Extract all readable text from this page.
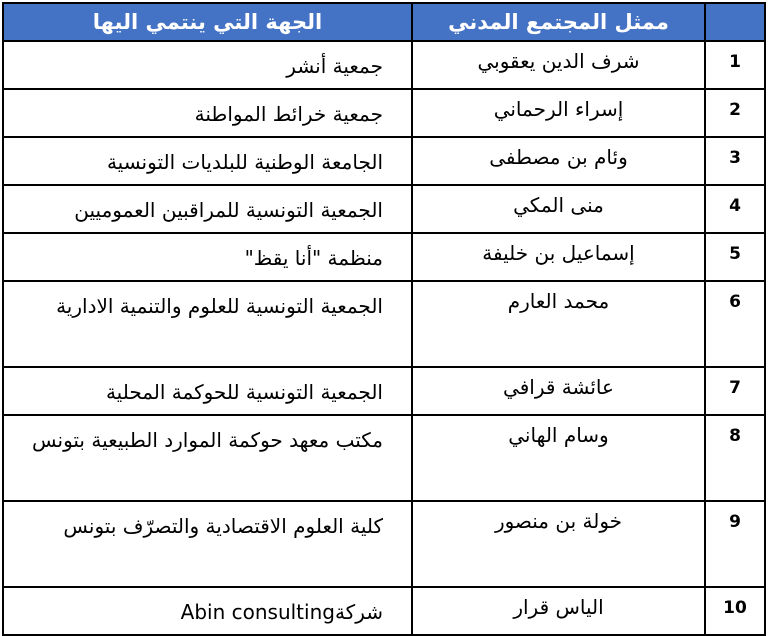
الجهة التي ينتمي اليها	ممثل المجتمع المدني	
جمعية أنشر	شرف الدين يعقوبي	1
جمعية خرائط المواطنة	إسراء الرحماني	2
الجامعة الوطنية للبلديات التونسية	وئام بن مصطفى	3
الجمعية التونسية للمراقبين العموميين	منى المكي	4
منظمة "أنا يقظ"	إسماعيل بن خليفة	5
الجمعية التونسية للعلوم والتنمية الادارية	محمد العارم	6
الجمعية التونسية للحوكمة المحلية	عائشة قرافي	7
مكتب معهد حوكمة الموارد الطبيعية بتونس	وسام الهاني	8
كلية العلوم الاقتصادية والتصرّف بتونس	خولة بن منصور	9
شركةAbin consulting	الياس قرار	10
